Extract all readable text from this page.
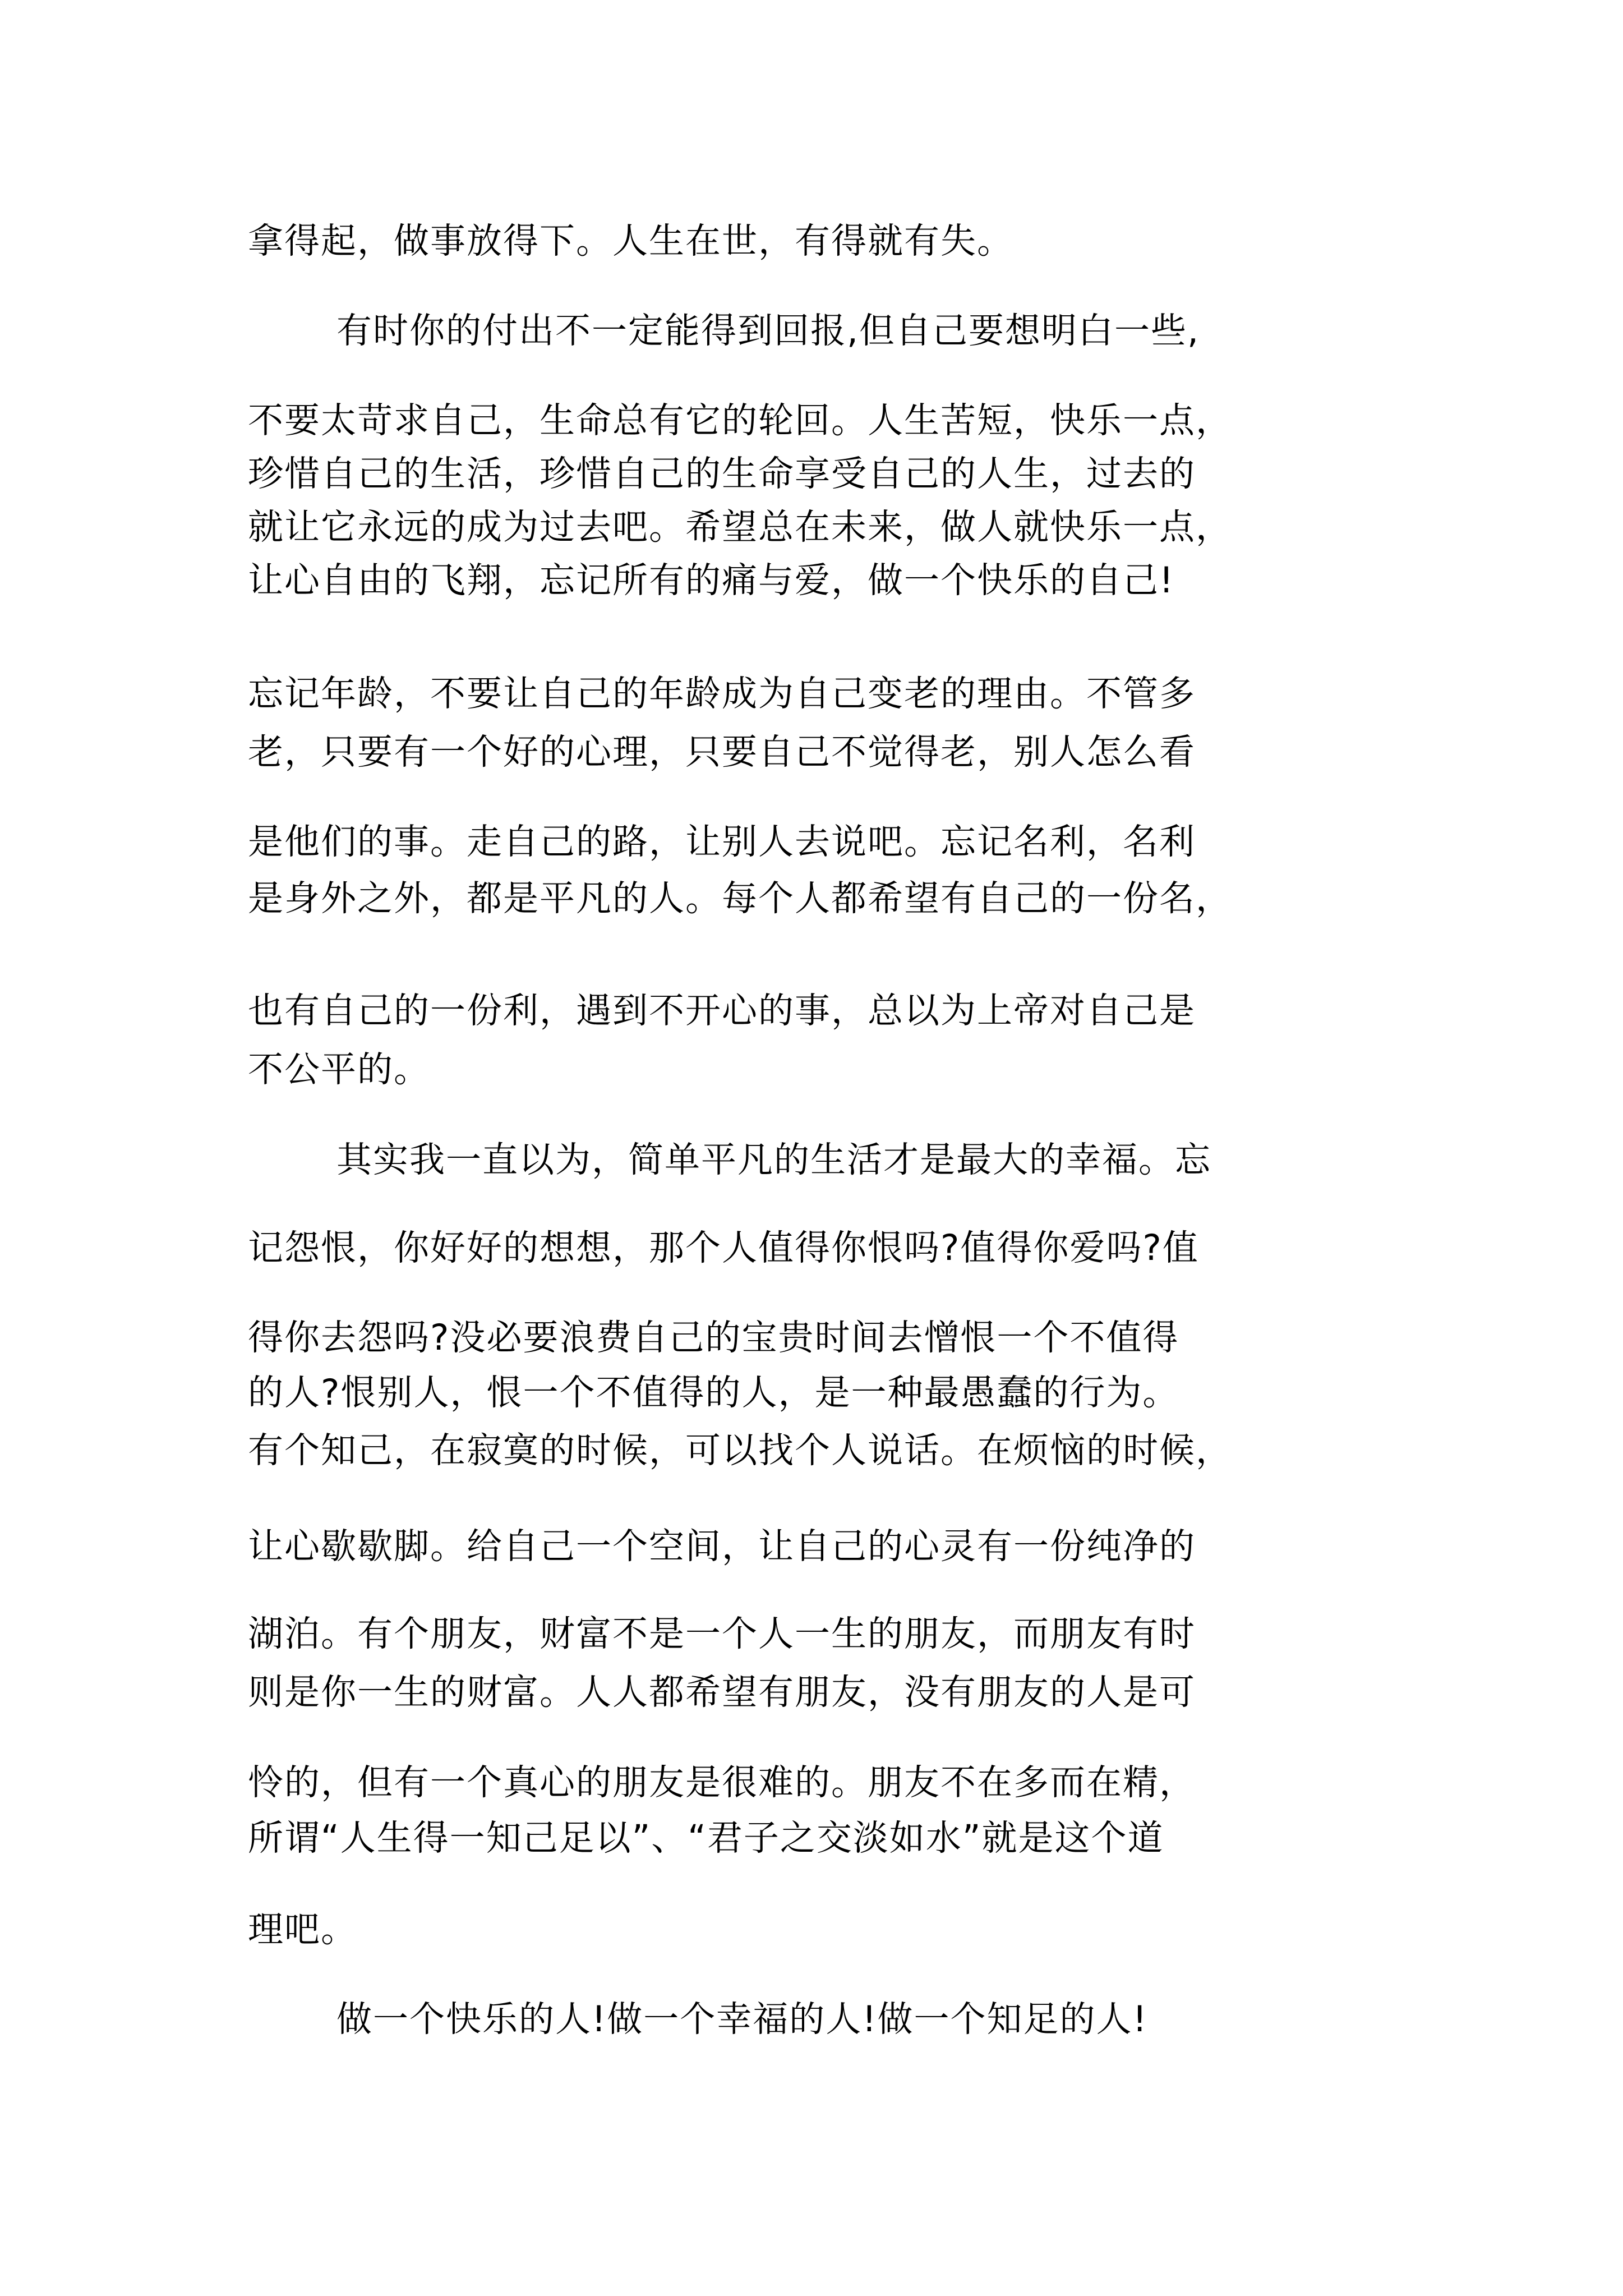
拿得起，做事放得下。人生在世，有得就有失。
有时你的付出不一定能得到回报,但自己要想明白一些,
不要太苛求自己，生命总有它的轮回。人生苦短，快乐一点，
珍惜自己的生活，珍惜自己的生命享受自己的人生，过去的
就让它永远的成为过去吧。希望总在未来，做人就快乐一点，
让心自由的飞翔，忘记所有的痛与爱，做一个快乐的自己!
忘记年龄，不要让自己的年龄成为自己变老的理由。不管多
老，只要有一个好的心理，只要自己不觉得老，别人怎么看
是他们的事。走自己的路，让别人去说吧。忘记名利，名利
是身外之外，都是平凡的人。每个人都希望有自己的一份名，
也有自己的一份利，遇到不开心的事，总以为上帝对自己是
不公平的。
其实我一直以为，简单平凡的生活才是最大的幸福。忘
记怨恨，你好好的想想，那个人值得你恨吗?值得你爱吗?值
得你去怨吗?没必要浪费自己的宝贵时间去憎恨一个不值得
的人?恨别人，恨一个不值得的人，是一种最愚蠢的行为。
有个知己，在寂寞的时候，可以找个人说话。在烦恼的时候，
让心歇歇脚。给自己一个空间，让自己的心灵有一份纯净的
湖泊。有个朋友，财富不是一个人一生的朋友，而朋友有时
则是你一生的财富。人人都希望有朋友，没有朋友的人是可
怜的，但有一个真心的朋友是很难的。朋友不在多而在精，
所谓“人生得一知己足以”、“君子之交淡如水”就是这个道
理吧。
做一个快乐的人!做一个幸福的人!做一个知足的人!
